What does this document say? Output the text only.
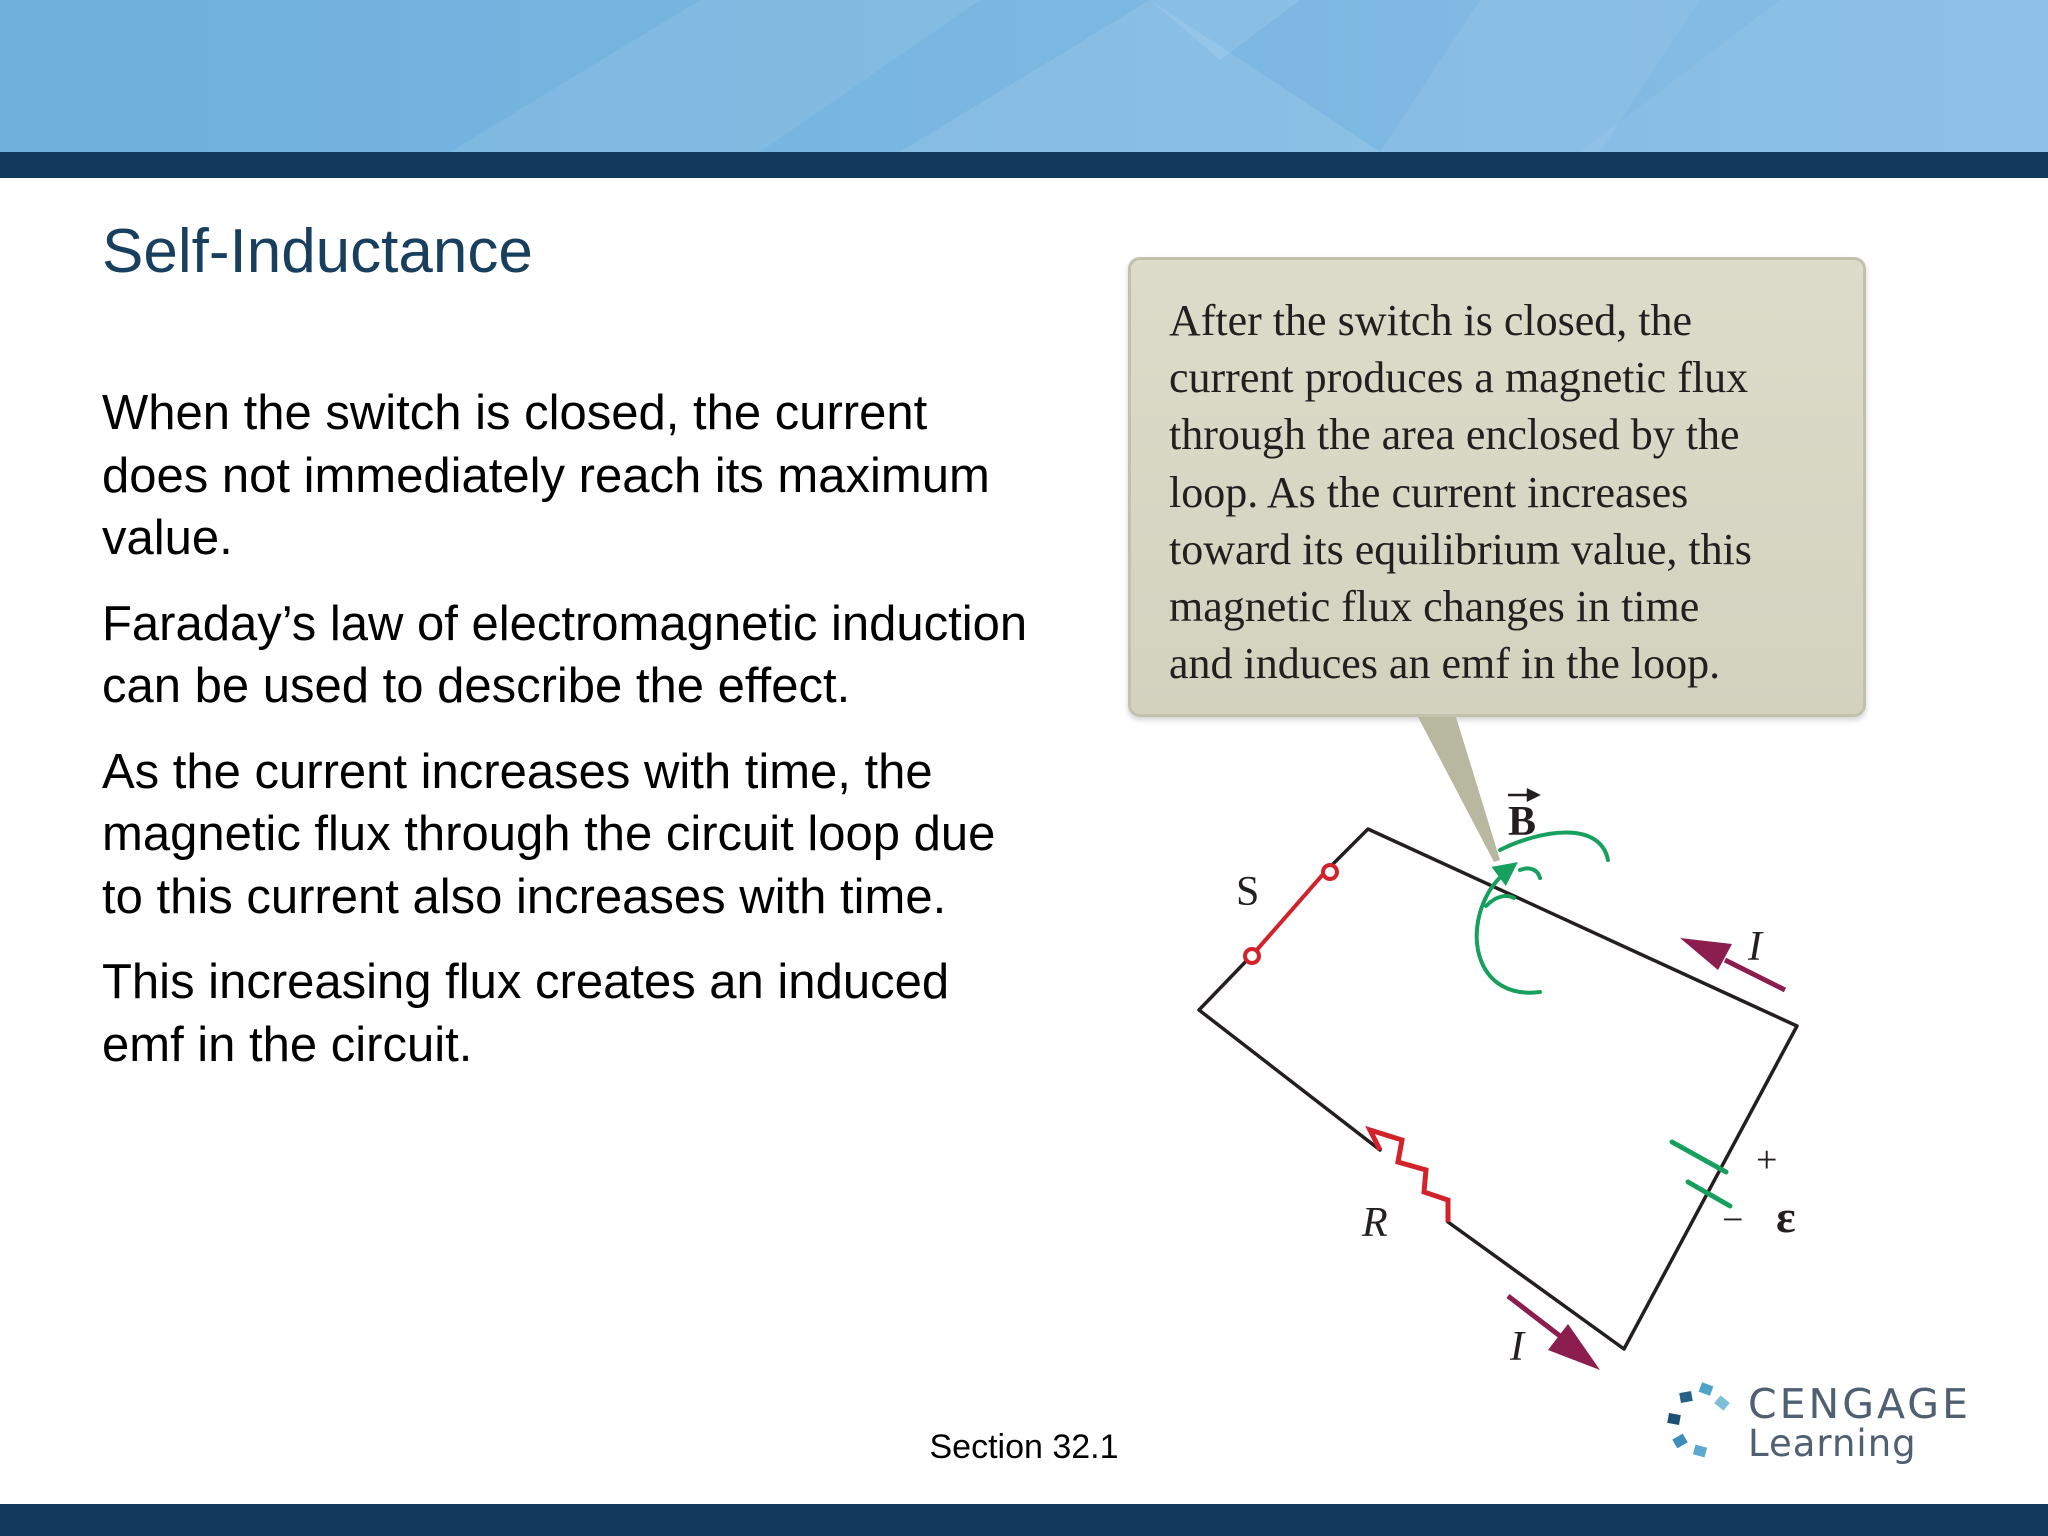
Self-Inductance

When the switch is closed, the current does not immediately reach its maximum value.

Faraday’s law of electromagnetic induction can be used to describe the effect.

As the current increases with time, the magnetic flux through the circuit loop due to this current also increases with time.

This increasing flux creates an induced emf in the circuit.

After the switch is closed, the
current produces a magnetic flux
through the area enclosed by the
loop. As the current increases
toward its equilibrium value, this
magnetic flux changes in time
and induces an emf in the loop.

S
B
I
I
R	ε
+
−
Section 32.1
CENGAGE
Learning
